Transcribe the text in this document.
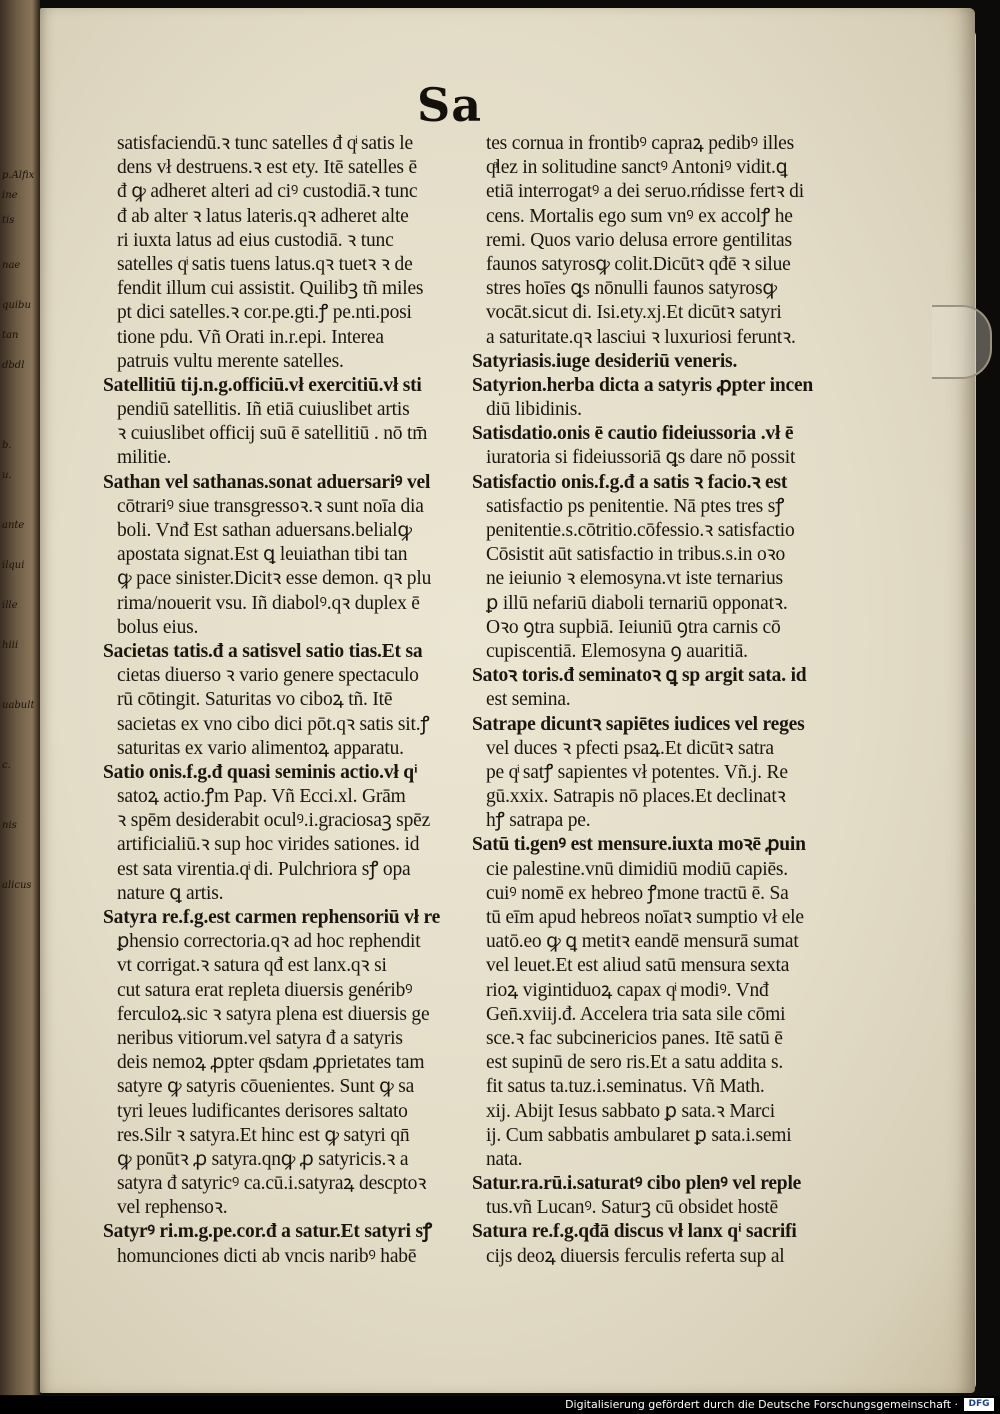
p.Alfix
ine
tis
nae
quibu
tan
dbdl
b.
u.
ante
ilqui
ille
hiii
uabult
c.
nis
alicus
Sa
satisfaciendū.ꝛ tunc satelles đ qͥ satis le
dens vł destruens.ꝛ est ety. Itē satelles ē
đ ꝙ adheret alteri ad ciꝰ custodiā.ꝛ tunc
đ ab alter ꝛ latus lateris.qꝛ adheret alte
ri iuxta latus ad eius custodiā. ꝛ tunc
satelles qͥ satis tuens latus.qꝛ tuetꝛ ꝛ de
fendit illum cui assistit. Quilibꝫ tñ miles
pt dici satelles.ꝛ cor.pe.gti.ꝭ pe.nti.posi
tione pdu. Vñ Orati in.r.epi. Interea
patruis vultu merente satelles.
Satellitiū tij.n.g.officiū.vł exercitiū.vł sti
pendiū satellitis. Iñ etiā cuiuslibet artis
ꝛ cuiuslibet officij suū ē satellitiū . nō tm̄
militie.
Sathan vel sathanas.sonat aduersariꝰ vel
cōtrariꝰ siue transgressoꝛ.ꝛ sunt noīa dia
boli. Vnđ Est sathan aduersans.belialꝙ
apostata signat.Est ꝗ leuiathan tibi tan
ꝙ pace sinister.Dicitꝛ esse demon. qꝛ plu
rima/nouerit vsu. Iñ diabolꝰ.qꝛ duplex ē
bolus eius.
Sacietas tatis.đ a satisvel satio tias.Et sa
cietas diuerso ꝛ vario genere spectaculo
rū cōtingit. Saturitas vo ciboꝝ tñ. Itē
sacietas ex vno cibo dici pōt.qꝛ satis sit.ꝭ
saturitas ex vario alimentoꝝ apparatu.
Satio onis.f.g.đ quasi seminis actio.vł qͥ
satoꝝ actio.ꝭm Pap. Vñ Ecci.xl. Grām
ꝛ spēm desiderabit oculꝰ.i.graciosaꝫ spēz
artificialiū.ꝛ sup hoc virides sationes. id
est sata virentia.qͥ di. Pulchriora sꝭ opa
nature ꝗ artis.
Satyra re.f.g.est carmen rephensoriū vł re
ꝑhensio correctoria.qꝛ ad hoc rephendit
vt corrigat.ꝛ satura qđ est lanx.qꝛ si
cut satura erat repleta diuersis genéribꝰ
ferculoꝝ.sic ꝛ satyra plena est diuersis ge
neribus vitiorum.vel satyra đ a satyris
deis nemoꝝ ꝓpter qͣsdam ꝓprietates tam
satyre ꝙ satyris cōuenientes. Sunt ꝙ sa
tyri leues ludificantes derisores saltato
res.Silr ꝛ satyra.Et hinc est ꝙ satyri qn̄
ꝙ ponūtꝛ ꝓ satyra.qnꝙ ꝓ satyricis.ꝛ a
satyra đ satyricꝰ ca.cū.i.satyraꝝ descptoꝛ
vel rephensoꝛ.
Satyrꝰ ri.m.g.pe.cor.đ a satur.Et satyri sꝭ
homunciones dicti ab vncis naribꝰ habē
tes cornua in frontibꝰ capraꝝ pedibꝰ illes
qͣlez in solitudine sanctꝰ Antoniꝰ vidit.ꝗ
etiā interrogatꝰ a dei seruo.rńdisse fertꝛ di
cens. Mortalis ego sum vnꝰ ex accolꝭ he
remi. Quos vario delusa errore gentilitas
faunos satyrosꝙ colit.Dicūtꝛ qđē ꝛ silue
stres hoīes ꝗs nōnulli faunos satyrosꝙ
vocāt.sicut di. Isi.ety.xj.Et dicūtꝛ satyri
a saturitate.qꝛ lasciui ꝛ luxuriosi feruntꝛ.
Satyriasis.iuge desideriū veneris.
Satyrion.herba dicta a satyris ꝓpter incen
diū libidinis.
Satisdatio.onis ē cautio fideiussoria .vł ē
iuratoria si fideiussoriā ꝗs dare nō possit
Satisfactio onis.f.g.đ a satis ꝛ facio.ꝛ est
satisfactio ps penitentie. Nā ptes tres sꝭ
penitentie.s.cōtritio.cōfessio.ꝛ satisfactio
Cōsistit aūt satisfactio in tribus.s.in oꝛo
ne ieiunio ꝛ elemosyna.vt iste ternarius
ꝑ illū nefariū diaboli ternariū opponatꝛ.
Oꝛo ꝯtra supbiā. Ieiuniū ꝯtra carnis cō
cupiscentiā. Elemosyna ꝯ auaritiā.
Satoꝛ toris.đ seminatoꝛ ꝗ sp argit sata. id
est semina.
Satrape dicuntꝛ sapiētes iudices vel reges
vel duces ꝛ pfecti psaꝝ.Et dicūtꝛ satra
pe qͥ satꝭ sapientes vł potentes. Vñ.j. Re
gū.xxix. Satrapis nō places.Et declinatꝛ
hꝭ satrapa pe.
Satū ti.genꝰ est mensure.iuxta moꝛē ꝓuin
cie palestine.vnū dimidiū modiū capiēs.
cuiꝰ nomē ex hebreo ꝭmone tractū ē. Sa
tū eīm apud hebreos noīatꝛ sumptio vł ele
uatō.eo ꝙ ꝗ metitꝛ eandē mensurā sumat
vel leuet.Et est aliud satū mensura sexta
rioꝝ vigintiduoꝝ capax qͥ modiꝰ. Vnđ
Gen̄.xviij.đ. Accelera tria sata sile cōmi
sce.ꝛ fac subcinericios panes. Itē satū ē
est supinū de sero ris.Et a satu addita s.
fit satus ta.tuz.i.seminatus. Vñ Math.
xij. Abijt Iesus sabbato ꝑ sata.ꝛ Marci
ij. Cum sabbatis ambularet ꝑ sata.i.semi
nata.
Satur.ra.rū.i.saturatꝰ cibo plenꝰ vel reple
tus.vñ Lucanꝰ. Saturꝫ cū obsidet hostē
Satura re.f.g.qđā discus vł lanx qͥ sacrifi
cijs deoꝝ diuersis ferculis referta sup al
Digitalisierung gefördert durch die Deutsche Forschungsgemeinschaft ·	DFG
